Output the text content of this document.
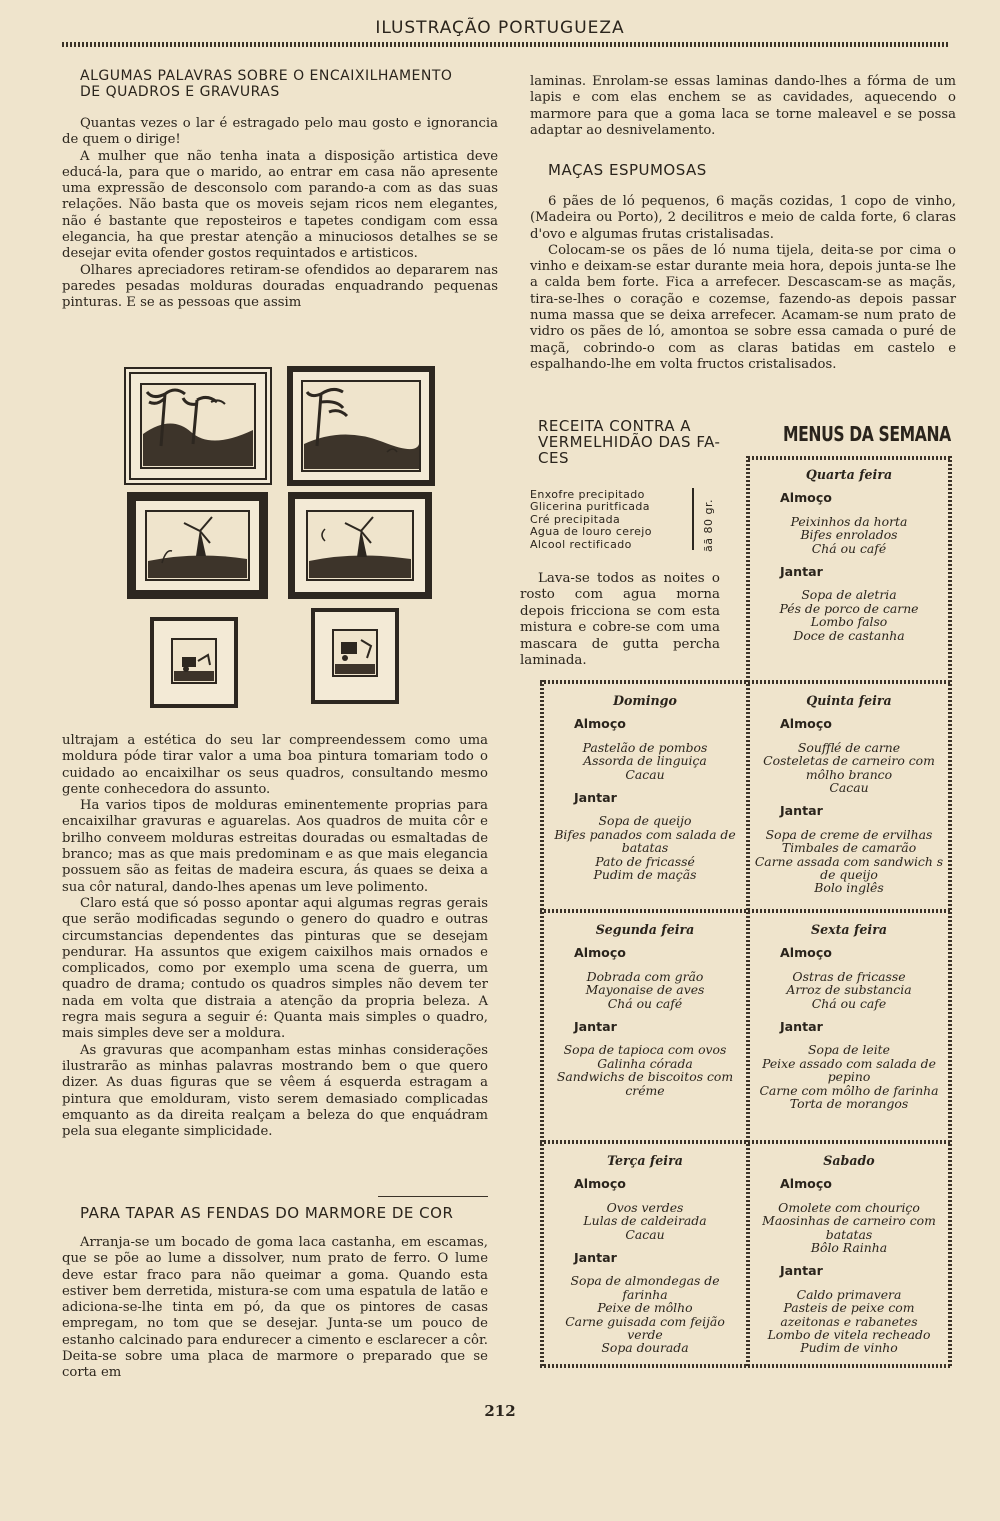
ILUSTRAÇÃO PORTUGUEZA

ALGUMAS PALAVRAS SOBRE O ENCAIXILHAMENTO

DE QUADROS E GRAVURAS

Quantas vezes o lar é estragado pelo mau gosto e ignorancia de quem o dirige!

A mulher que não tenha inata a disposição artistica deve educá-la, para que o marido, ao entrar em casa não apresente uma expressão de desconsolo com parando-a com as das suas relações. Não basta que os moveis sejam ricos nem elegantes, não é bastante que reposteiros e tapetes condigam com essa elegancia, ha que prestar atenção a minuciosos detalhes se se desejar evita ofender gostos requintados e artisticos.

Olhares apreciadores retiram-se ofendidos ao depararem nas paredes pesadas molduras douradas enquadrando pequenas pinturas. E se as pessoas que assim

ultrajam a estética do seu lar compreendessem como uma moldura póde tirar valor a uma boa pintura tomariam todo o cuidado ao encaixilhar os seus quadros, consultando mesmo gente conhecedora do assunto.

Ha varios tipos de molduras eminentemente proprias para encaixilhar gravuras e aguarelas. Aos quadros de muita côr e brilho conveem molduras estreitas douradas ou esmaltadas de branco; mas as que mais predominam e as que mais elegancia possuem são as feitas de madeira escura, ás quaes se deixa a sua côr natural, dando-lhes apenas um leve polimento.

Claro está que só posso apontar aqui algumas regras gerais que serão modificadas segundo o genero do quadro e outras circumstancias dependentes das pinturas que se desejam pendurar. Ha assuntos que exigem caixilhos mais ornados e complicados, como por exemplo uma scena de guerra, um quadro de drama; contudo os quadros simples não devem ter nada em volta que distraia a atenção da propria beleza. A regra mais segura a seguir é: Quanta mais simples o quadro, mais simples deve ser a moldura.

As gravuras que acompanham estas minhas considerações ilustrarão as minhas palavras mostrando bem o que quero dizer. As duas figuras que se vêem á esquerda estragam a pintura que emolduram, visto serem demasiado complicadas emquanto as da direita realçam a beleza do que enquádram pela sua elegante simplicidade.

PARA TAPAR AS FENDAS DO MARMORE DE COR

Arranja-se um bocado de goma laca castanha, em escamas, que se põe ao lume a dissolver, num prato de ferro. O lume deve estar fraco para não queimar a goma. Quando esta estiver bem derretida, mistura-se com uma espatula de latão e adiciona-se-lhe tinta em pó, da que os pintores de casas empregam, no tom que se desejar. Junta-se um pouco de estanho calcinado para endurecer a cimento e esclarecer a côr. Deita-se sobre uma placa de marmore o preparado que se corta em

laminas. Enrolam-se essas laminas dando-lhes a fórma de um lapis e com elas enchem se as cavidades, aquecendo o marmore para que a goma laca se torne maleavel e se possa adaptar ao desnivelamento.

MAÇAS ESPUMOSAS

6 pães de ló pequenos, 6 maçãs cozidas, 1 copo de vinho, (Madeira ou Porto), 2 decilitros e meio de calda forte, 6 claras d'ovo e algumas frutas cristalisadas.

Colocam-se os pães de ló numa tijela, deita-se por cima o vinho e deixam-se estar durante meia hora, depois junta-se lhe a calda bem forte. Fica a arrefecer. Descascam-se as maçãs, tira-se-lhes o coração e cozemse, fazendo-as depois passar numa massa que se deixa arrefecer. Acamam-se num prato de vidro os pães de ló, amontoa se sobre essa camada o puré de maçã, cobrindo-o com as claras batidas em castelo e espalhando-lhe em volta fructos cristalisados.

RECEITA CONTRA A

VERMELHIDÃO DAS FA-

CES

Enxofre precipitado
Glicerina puritficada
Cré precipitada
Agua de louro cerejo
Alcool rectificado	ãã 80 gr.

Lava-se todos as noites o rosto com agua morna depois fricciona se com esta mistura e cobre-se com uma mascara de gutta percha laminada.

MENUS DA SEMANA
Quarta feira
Almoço
Peixinhos da horta
Bifes enrolados
Chá ou café
Jantar
Sopa de aletria
Pés de porco de carne
Lombo falso
Doce de castanha
Domingo
Almoço
Pastelão de pombos
Assorda de linguiça
Cacau
Jantar
Sopa de queijo
Bifes panados com salada de batatas
Pato de fricassé
Pudim de maçãs
Quinta feira
Almoço
Soufflé de carne
Costeletas de carneiro com môlho branco
Cacau
Jantar
Sopa de creme de ervilhas
Timbales de camarão
Carne assada com sandwich s de queijo
Bolo inglês
Segunda feira
Almoço
Dobrada com grão
Mayonaise de aves
Chá ou café
Jantar
Sopa de tapioca com ovos
Galinha córada
Sandwichs de biscoitos com créme
Sexta feira
Almoço
Ostras de fricasse
Arroz de substancia
Chá ou cafe
Jantar
Sopa de leite
Peixe assado com salada de pepino
Carne com môlho de farinha
Torta de morangos
Terça feira
Almoço
Ovos verdes
Lulas de caldeirada
Cacau
Jantar
Sopa de almondegas de farinha
Peixe de môlho
Carne guisada com feijão verde
Sopa dourada
Sabado
Almoço
Omolete com chouriço
Maosinhas de carneiro com batatas
Bôlo Rainha
Jantar
Caldo primavera
Pasteis de peixe com azeitonas e rabanetes
Lombo de vitela recheado
Pudim de vinho
212
